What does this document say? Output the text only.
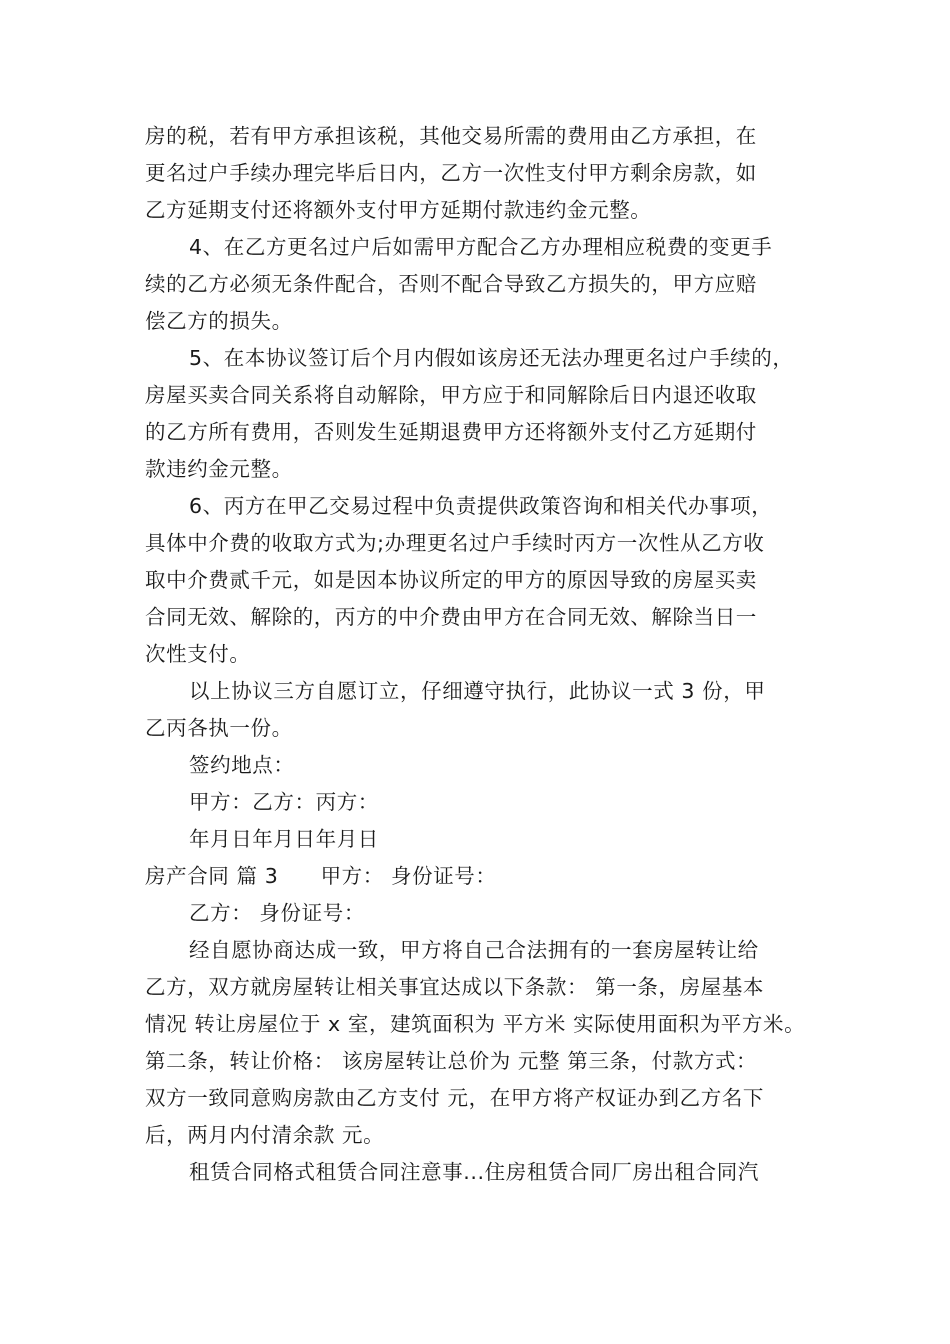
房的税，若有甲方承担该税，其他交易所需的费用由乙方承担，在
更名过户手续办理完毕后日内，乙方一次性支付甲方剩余房款，如
乙方延期支付还将额外支付甲方延期付款违约金元整。
4、在乙方更名过户后如需甲方配合乙方办理相应税费的变更手
续的乙方必须无条件配合，否则不配合导致乙方损失的，甲方应赔
偿乙方的损失。
5、在本协议签订后个月内假如该房还无法办理更名过户手续的，
房屋买卖合同关系将自动解除，甲方应于和同解除后日内退还收取
的乙方所有费用，否则发生延期退费甲方还将额外支付乙方延期付
款违约金元整。
6、丙方在甲乙交易过程中负责提供政策咨询和相关代办事项，
具体中介费的收取方式为;办理更名过户手续时丙方一次性从乙方收
取中介费贰千元，如是因本协议所定的甲方的原因导致的房屋买卖
合同无效、解除的，丙方的中介费由甲方在合同无效、解除当日一
次性支付。
以上协议三方自愿订立，仔细遵守执行，此协议一式 3 份，甲
乙丙各执一份。
签约地点：
甲方：乙方：丙方：
年月日年月日年月日
房产合同 篇 3　　甲方： 身份证号：
乙方： 身份证号：
经自愿协商达成一致，甲方将自己合法拥有的一套房屋转让给
乙方，双方就房屋转让相关事宜达成以下条款： 第一条，房屋基本
情况 转让房屋位于 x 室，建筑面积为 平方米 实际使用面积为平方米。
第二条，转让价格： 该房屋转让总价为 元整 第三条，付款方式：
双方一致同意购房款由乙方支付 元，在甲方将产权证办到乙方名下
后，两月内付清余款 元。
租赁合同格式租赁合同注意事...住房租赁合同厂房出租合同汽
